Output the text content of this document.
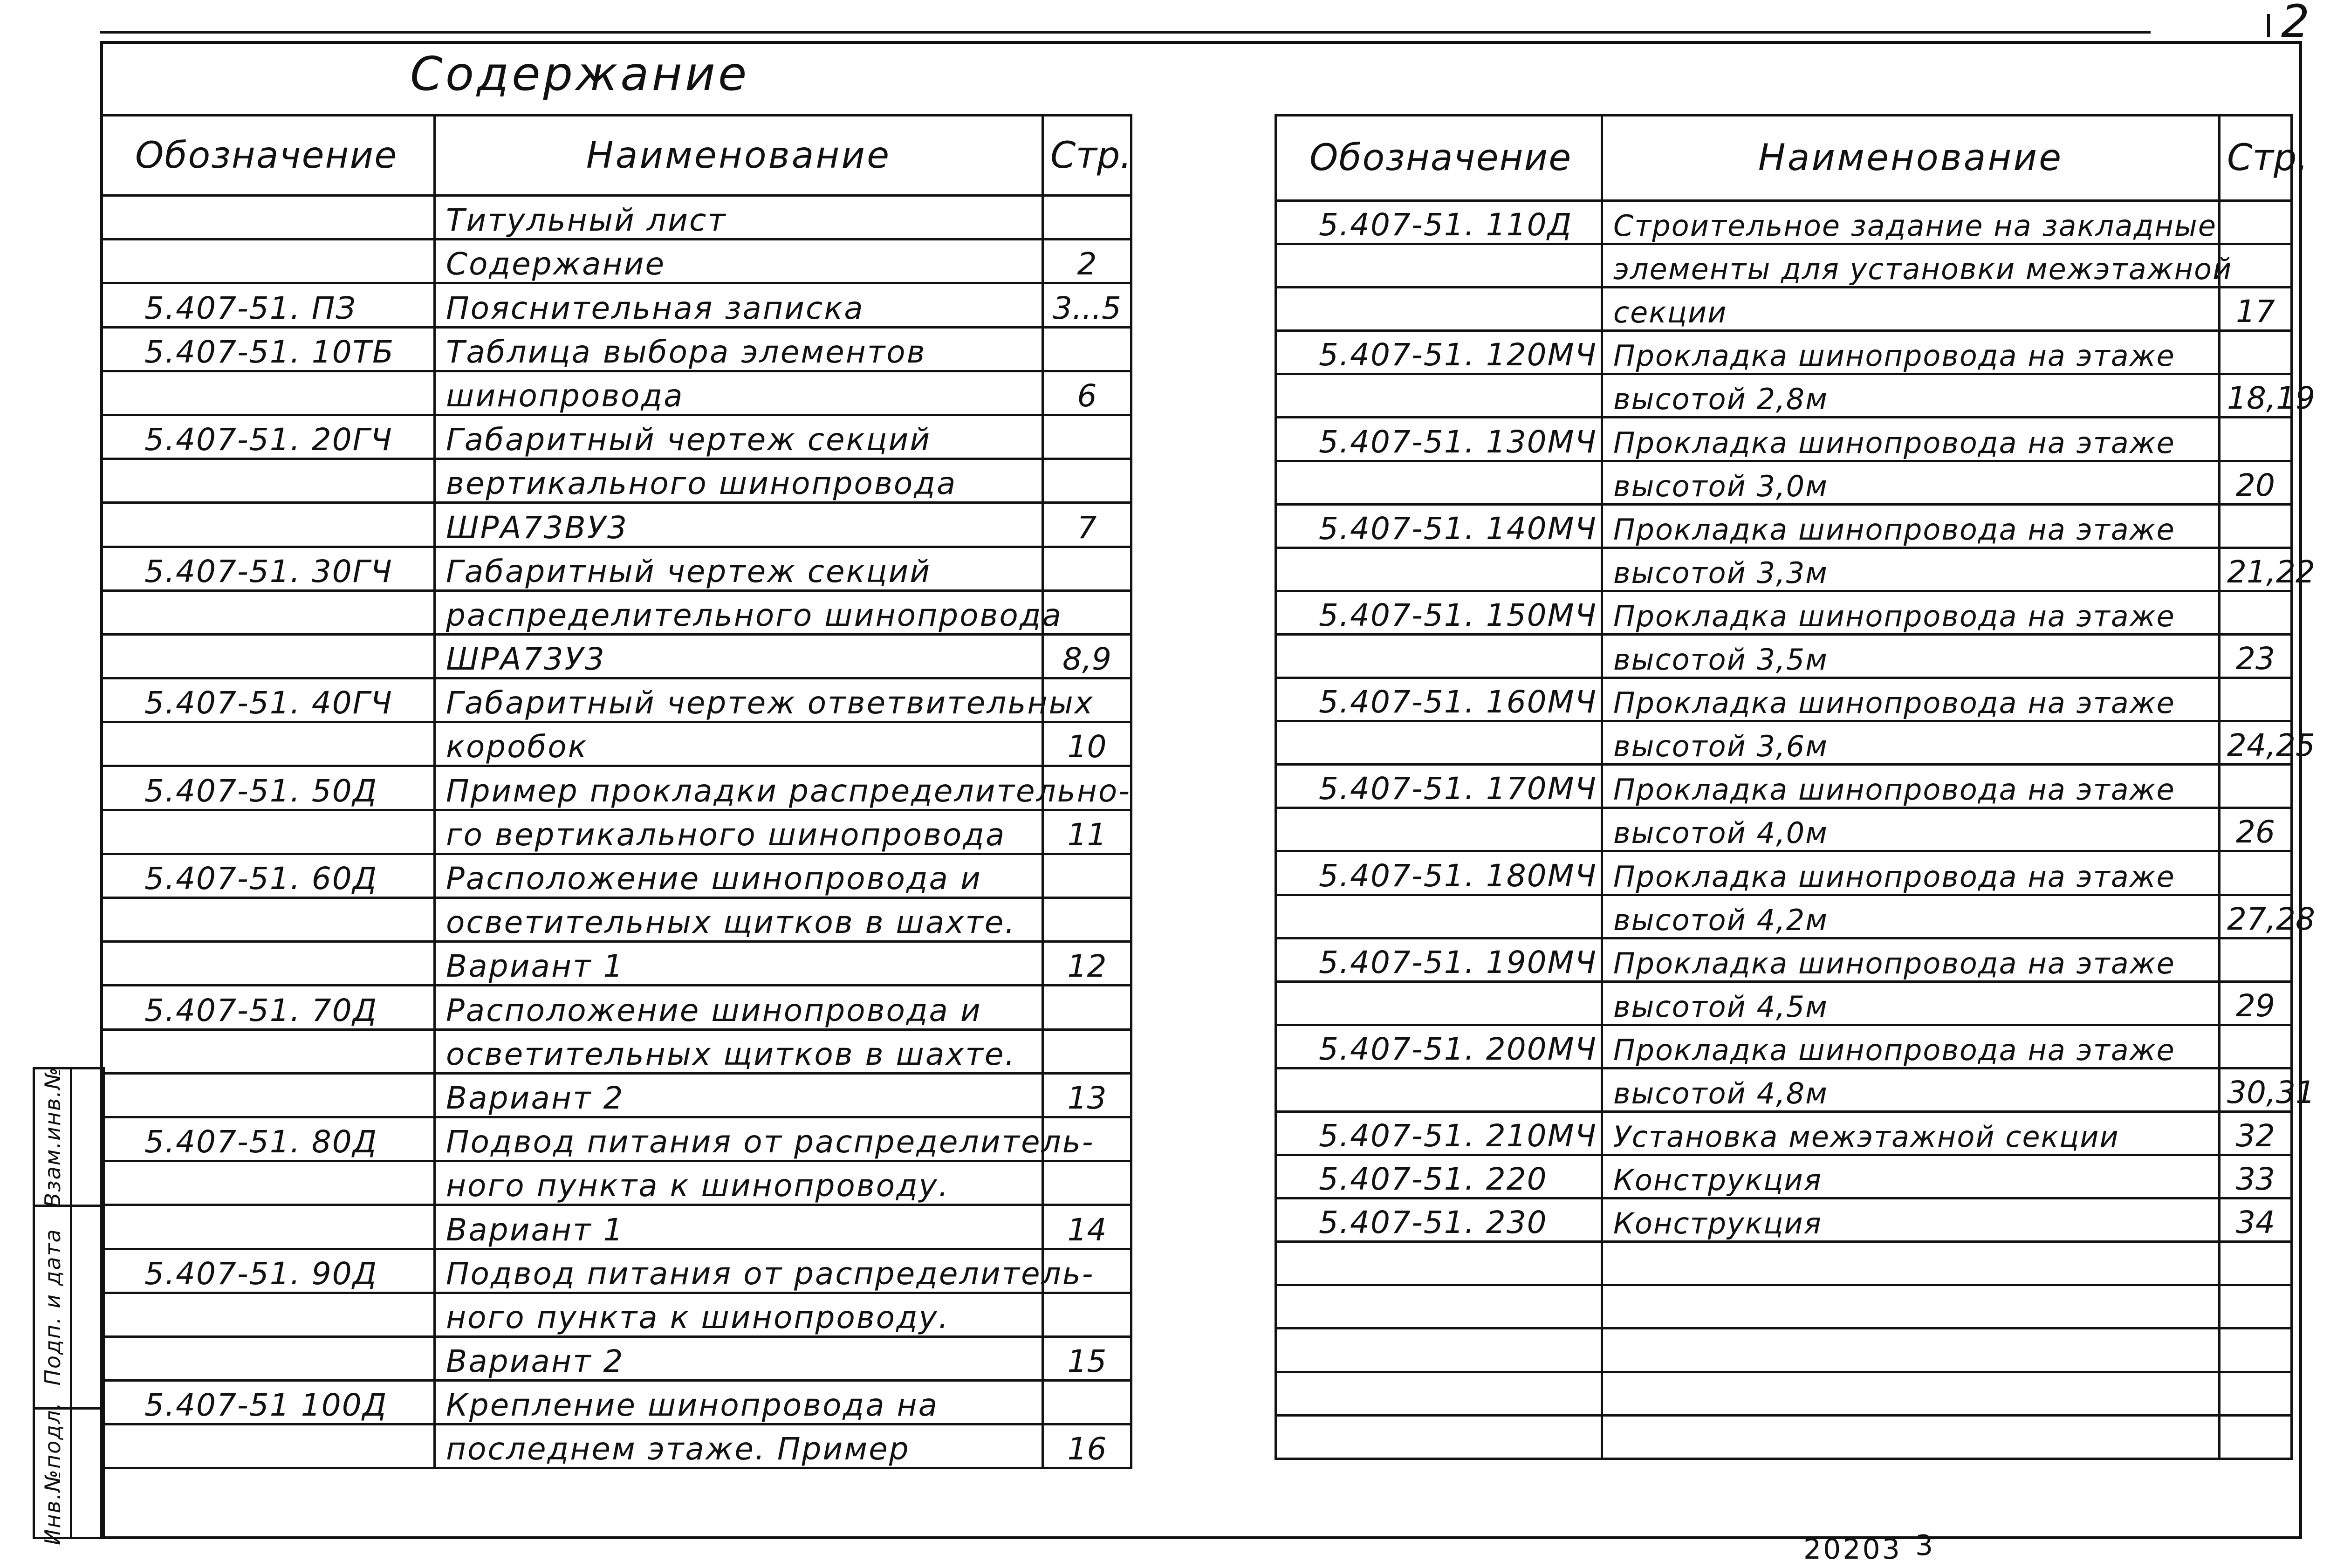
2
Содержание
Обозначение	Наименование	Стр.
	Титульный лист	
	Содержание	2
5.407-51. ПЗ	Пояснительная записка	3...5
5.407-51. 10ТБ	Таблица выбора элементов	
	шинопровода	6
5.407-51. 20ГЧ	Габаритный чертеж секций	
	вертикального шинопровода	
	ШРА73ВУ3	7
5.407-51. 30ГЧ	Габаритный чертеж секций	
	распределительного шинопровода	
	ШРА73У3	8,9
5.407-51. 40ГЧ	Габаритный чертеж ответвительных	
	коробок	10
5.407-51. 50Д	Пример прокладки распределительно-	
	го вертикального шинопровода	11
5.407-51. 60Д	Расположение шинопровода и	
	осветительных щитков в шахте.	
	Вариант 1	12
5.407-51. 70Д	Расположение шинопровода и	
	осветительных щитков в шахте.	
	Вариант 2	13
5.407-51. 80Д	Подвод питания от распределитель-	
	ного пункта к шинопроводу.	
	Вариант 1	14
5.407-51. 90Д	Подвод питания от распределитель-	
	ного пункта к шинопроводу.	
	Вариант 2	15
5.407-51 100Д	Крепление шинопровода на	
	последнем этаже. Пример	16
Обозначение	Наименование	Стр.
5.407-51. 110Д	Строительное задание на закладные	
	элементы для установки межэтажной	
	секции	17
5.407-51. 120МЧ	Прокладка шинопровода на этаже	
	высотой 2,8м	18,19
5.407-51. 130МЧ	Прокладка шинопровода на этаже	
	высотой 3,0м	20
5.407-51. 140МЧ	Прокладка шинопровода на этаже	
	высотой 3,3м	21,22
5.407-51. 150МЧ	Прокладка шинопровода на этаже	
	высотой 3,5м	23
5.407-51. 160МЧ	Прокладка шинопровода на этаже	
	высотой 3,6м	24,25
5.407-51. 170МЧ	Прокладка шинопровода на этаже	
	высотой 4,0м	26
5.407-51. 180МЧ	Прокладка шинопровода на этаже	
	высотой 4,2м	27,28
5.407-51. 190МЧ	Прокладка шинопровода на этаже	
	высотой 4,5м	29
5.407-51. 200МЧ	Прокладка шинопровода на этаже	
	высотой 4,8м	30,31
5.407-51. 210МЧ	Установка межэтажной секции	32
5.407-51. 220	Конструкция	33
5.407-51. 230	Конструкция	34

Взам.инв.№
Подп. и дата
Инв.№подл.
20203 3
